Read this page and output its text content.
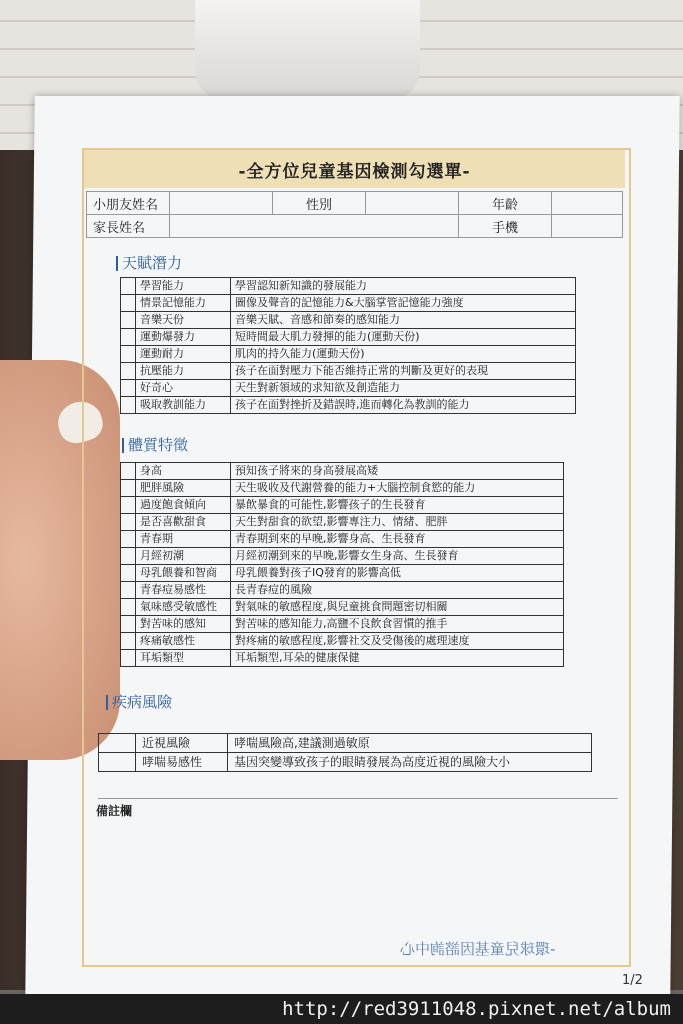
-全方位兒童基因檢測勾選單-
小朋友姓名		性別		年齡	
家長姓名				手機	
天賦潛力
	學習能力	學習認知新知識的發展能力
	情景記憶能力	圖像及聲音的記憶能力&大腦掌管記憶能力強度
	音樂天份	音樂天賦、音感和節奏的感知能力
	運動爆發力	短時間最大肌力發揮的能力(運動天份)
	運動耐力	肌肉的持久能力(運動天份)
	抗壓能力	孩子在面對壓力下能否維持正常的判斷及更好的表現
	好奇心	天生對新領域的求知欲及創造能力
	吸取教訓能力	孩子在面對挫折及錯誤時,進而轉化為教訓的能力
體質特徵
	身高	預知孩子將來的身高發展高矮
	肥胖風險	天生吸收及代謝營養的能力+大腦控制食慾的能力
	過度飽食傾向	暴飲暴食的可能性,影響孩子的生長發育
	是否喜歡甜食	天生對甜食的欲望,影響專注力、情緒、肥胖
	青春期	青春期到來的早晚,影響身高、生長發育
	月經初潮	月經初潮到來的早晚,影響女生身高、生長發育
	母乳餵養和智商	母乳餵養對孩子IQ發育的影響高低
	青春痘易感性	長青春痘的風險
	氣味感受敏感性	對氣味的敏感程度,與兒童挑食問題密切相關
	對苦味的感知	對苦味的感知能力,高鹽不良飲食習慣的推手
	疼痛敏感性	對疼痛的敏感程度,影響社交及受傷後的處理速度
	耳垢類型	耳垢類型,耳朵的健康保健
疾病風險
	近視風險	哮喘風險高,建議測過敏原
	哮喘易感性	基因突變導致孩子的眼睛發展為高度近視的風險大小
備註欄
-環球兒童基因諮詢中心
1/2
http://red3911048.pixnet.net/album
